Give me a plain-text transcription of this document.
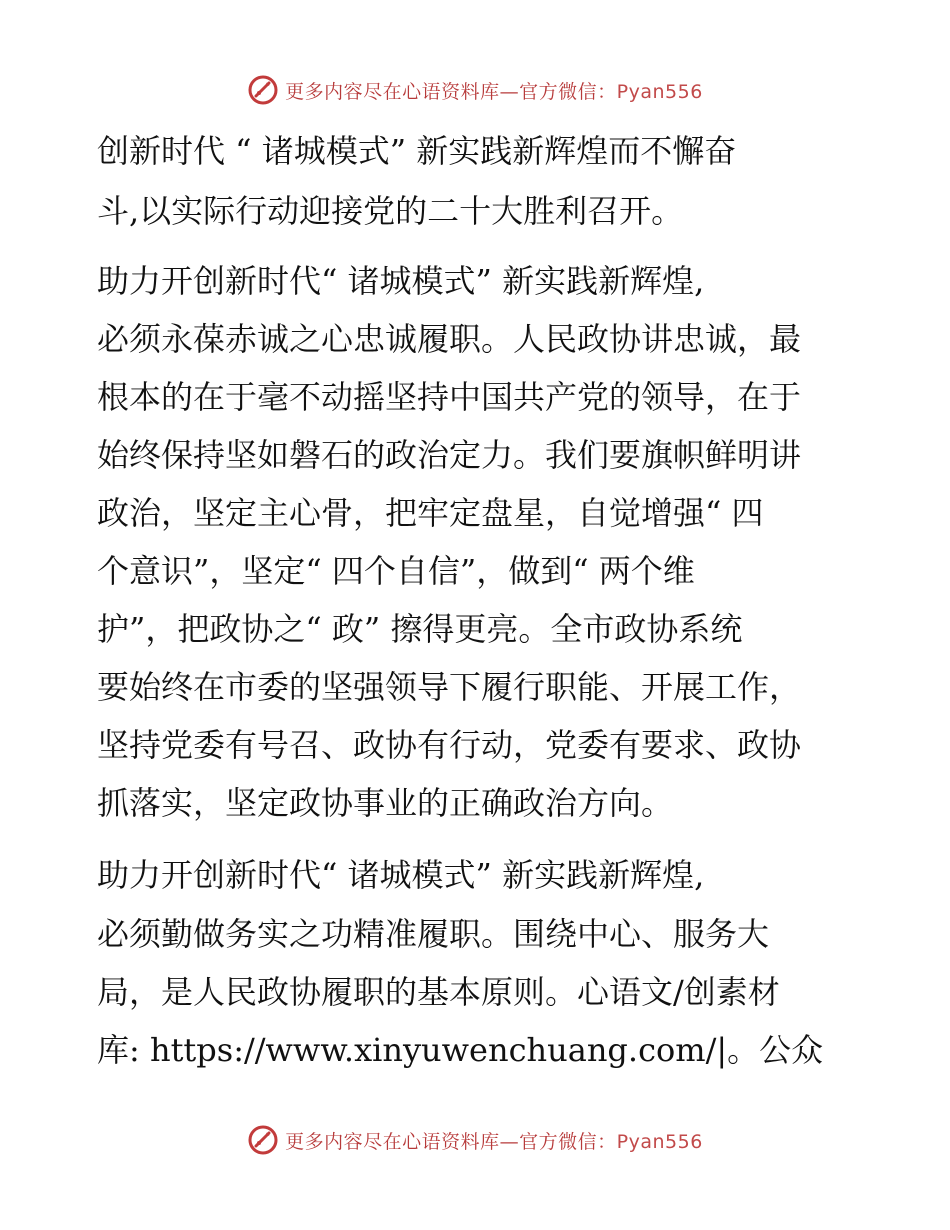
更多内容尽在心语资料库—官方微信：Pyan556
创新时代 “ 诸城模式” 新实践新辉煌而不懈奋
斗,以实际行动迎接党的二十大胜利召开。
助力开创新时代“ 诸城模式” 新实践新辉煌,
必须永葆赤诚之心忠诚履职。人民政协讲忠诚，最
根本的在于毫不动摇坚持中国共产党的领导，在于
始终保持坚如磐石的政治定力。我们要旗帜鲜明讲
政治，坚定主心骨，把牢定盘星，自觉增强“ 四
个意识”，坚定“ 四个自信”，做到“ 两个维
护”，把政协之“ 政” 擦得更亮。全市政协系统
要始终在市委的坚强领导下履行职能、开展工作，
坚持党委有号召、政协有行动，党委有要求、政协
抓落实，坚定政协事业的正确政治方向。
助力开创新时代“ 诸城模式” 新实践新辉煌,
必须勤做务实之功精准履职。围绕中心、服务大
局，是人民政协履职的基本原则。心语文/创素材
库: https://www.xinyuwenchuang.com/|。公众
更多内容尽在心语资料库—官方微信：Pyan556
